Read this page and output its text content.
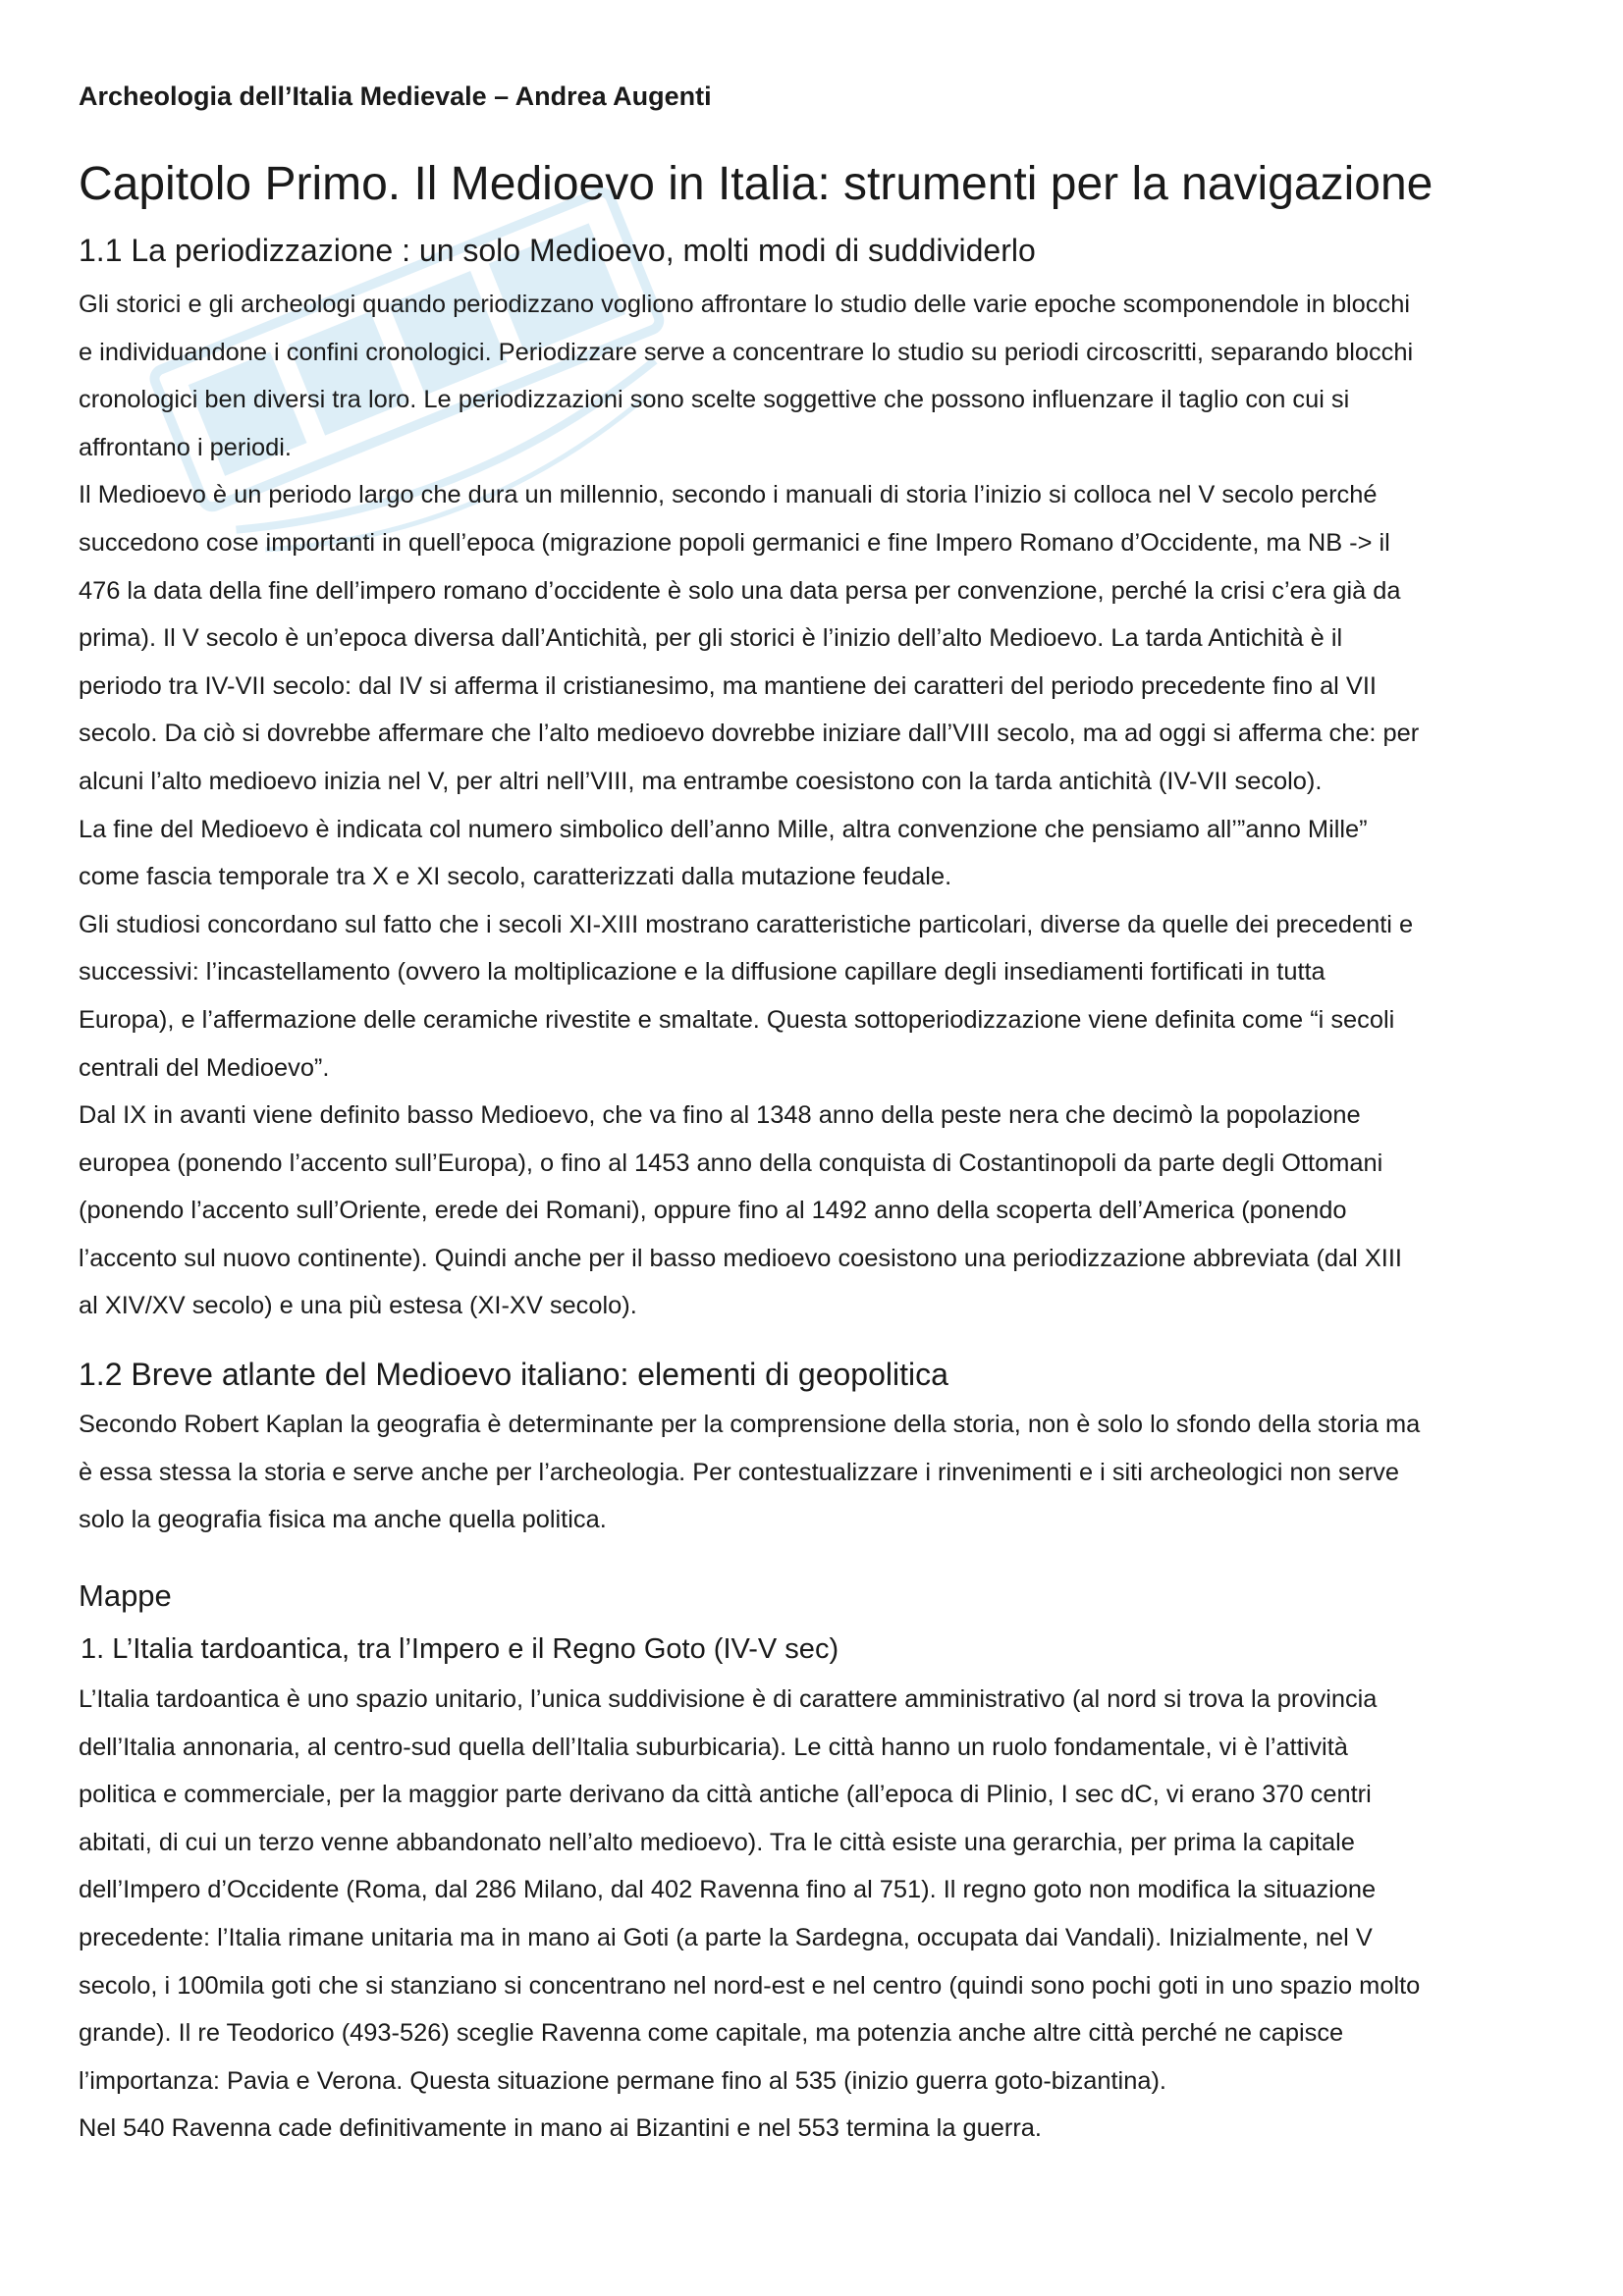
Archeologia dell’Italia Medievale – Andrea Augenti
Capitolo Primo. Il Medioevo in Italia: strumenti per la navigazione
1.1 La periodizzazione : un solo Medioevo, molti modi di suddividerlo
Gli storici e gli archeologi quando periodizzano vogliono affrontare lo studio delle varie epoche scomponendole in blocchi
e individuandone i confini cronologici. Periodizzare serve a concentrare lo studio su periodi circoscritti, separando blocchi
cronologici ben diversi tra loro. Le periodizzazioni sono scelte soggettive che possono influenzare il taglio con cui si
affrontano i periodi.
Il Medioevo è un periodo largo che dura un millennio, secondo i manuali di storia l’inizio si colloca nel V secolo perché
succedono cose importanti in quell’epoca (migrazione popoli germanici e fine Impero Romano d’Occidente, ma NB -> il
476 la data della fine dell’impero romano d’occidente è solo una data persa per convenzione, perché la crisi c’era già da
prima). Il V secolo è un’epoca diversa dall’Antichità, per gli storici è l’inizio dell’alto Medioevo. La tarda Antichità è il
periodo tra IV-VII secolo: dal IV si afferma il cristianesimo, ma mantiene dei caratteri del periodo precedente fino al VII
secolo. Da ciò si dovrebbe affermare che l’alto medioevo dovrebbe iniziare dall’VIII secolo, ma ad oggi si afferma che: per
alcuni l’alto medioevo inizia nel V, per altri nell’VIII, ma entrambe coesistono con la tarda antichità (IV-VII secolo).
La fine del Medioevo è indicata col numero simbolico dell’anno Mille, altra convenzione che pensiamo all’”anno Mille”
come fascia temporale tra X e XI secolo, caratterizzati dalla mutazione feudale.
Gli studiosi concordano sul fatto che i secoli XI-XIII mostrano caratteristiche particolari, diverse da quelle dei precedenti e
successivi: l’incastellamento (ovvero la moltiplicazione e la diffusione capillare degli insediamenti fortificati in tutta
Europa), e l’affermazione delle ceramiche rivestite e smaltate. Questa sottoperiodizzazione viene definita come “i secoli
centrali del Medioevo”.
Dal IX in avanti viene definito basso Medioevo, che va fino al 1348 anno della peste nera che decimò la popolazione
europea (ponendo l’accento sull’Europa), o fino al 1453 anno della conquista di Costantinopoli da parte degli Ottomani
(ponendo l’accento sull’Oriente, erede dei Romani), oppure fino al 1492 anno della scoperta dell’America (ponendo
l’accento sul nuovo continente). Quindi anche per il basso medioevo coesistono una periodizzazione abbreviata (dal XIII
al XIV/XV secolo) e una più estesa (XI-XV secolo).
1.2 Breve atlante del Medioevo italiano: elementi di geopolitica
Secondo Robert Kaplan la geografia è determinante per la comprensione della storia, non è solo lo sfondo della storia ma
è essa stessa la storia e serve anche per l’archeologia. Per contestualizzare i rinvenimenti e i siti archeologici non serve
solo la geografia fisica ma anche quella politica.
Mappe
1. L’Italia tardoantica, tra l’Impero e il Regno Goto (IV-V sec)
L’Italia tardoantica è uno spazio unitario, l’unica suddivisione è di carattere amministrativo (al nord si trova la provincia
dell’Italia annonaria, al centro-sud quella dell’Italia suburbicaria). Le città hanno un ruolo fondamentale, vi è l’attività
politica e commerciale, per la maggior parte derivano da città antiche (all’epoca di Plinio, I sec dC, vi erano 370 centri
abitati, di cui un terzo venne abbandonato nell’alto medioevo). Tra le città esiste una gerarchia, per prima la capitale
dell’Impero d’Occidente (Roma, dal 286 Milano, dal 402 Ravenna fino al 751). Il regno goto non modifica la situazione
precedente: l’Italia rimane unitaria ma in mano ai Goti (a parte la Sardegna, occupata dai Vandali). Inizialmente, nel V
secolo, i 100mila goti che si stanziano si concentrano nel nord-est e nel centro (quindi sono pochi goti in uno spazio molto
grande). Il re Teodorico (493-526) sceglie Ravenna come capitale, ma potenzia anche altre città perché ne capisce
l’importanza: Pavia e Verona. Questa situazione permane fino al 535 (inizio guerra goto-bizantina).
Nel 540 Ravenna cade definitivamente in mano ai Bizantini e nel 553 termina la guerra.
